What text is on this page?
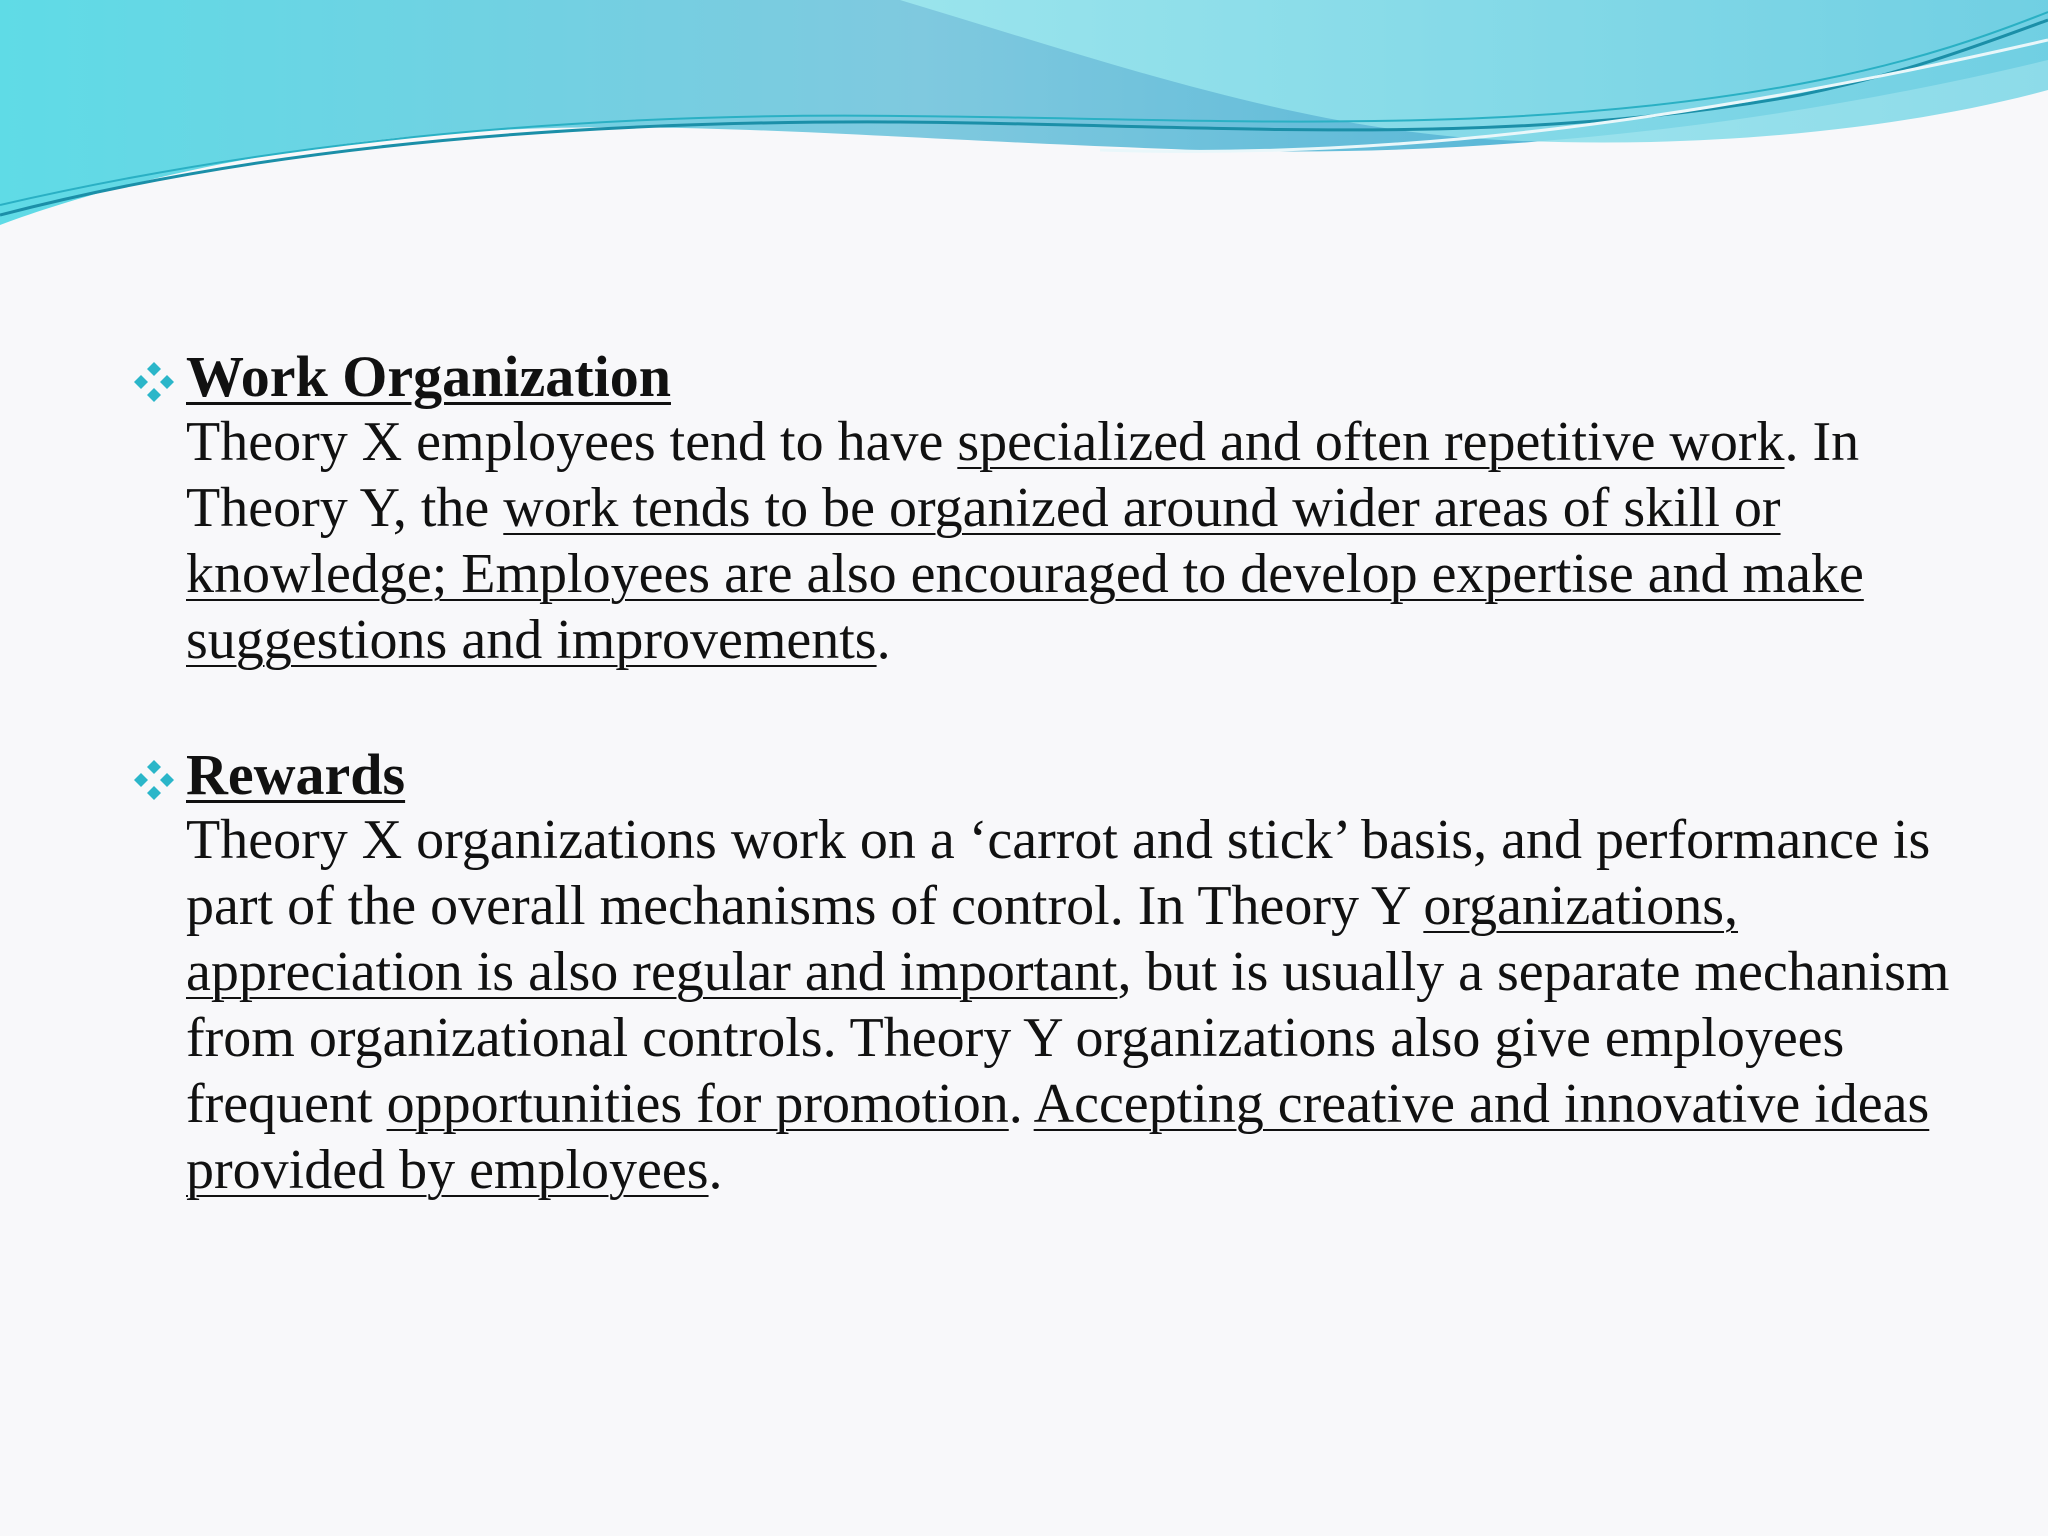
Work Organization

Theory X employees tend to have specialized and often repetitive work. In Theory Y, the work tends to be organized around wider areas of skill or knowledge; Employees are also encouraged to develop expertise and make suggestions and improvements.

Rewards

Theory X organizations work on a ‘carrot and stick’ basis, and performance is part of the overall mechanisms of control. In Theory Y organizations, appreciation is also regular and important, but is usually a separate mechanism from organizational controls. Theory Y organizations also give employees frequent opportunities for promotion. Accepting creative and innovative ideas provided by employees.
